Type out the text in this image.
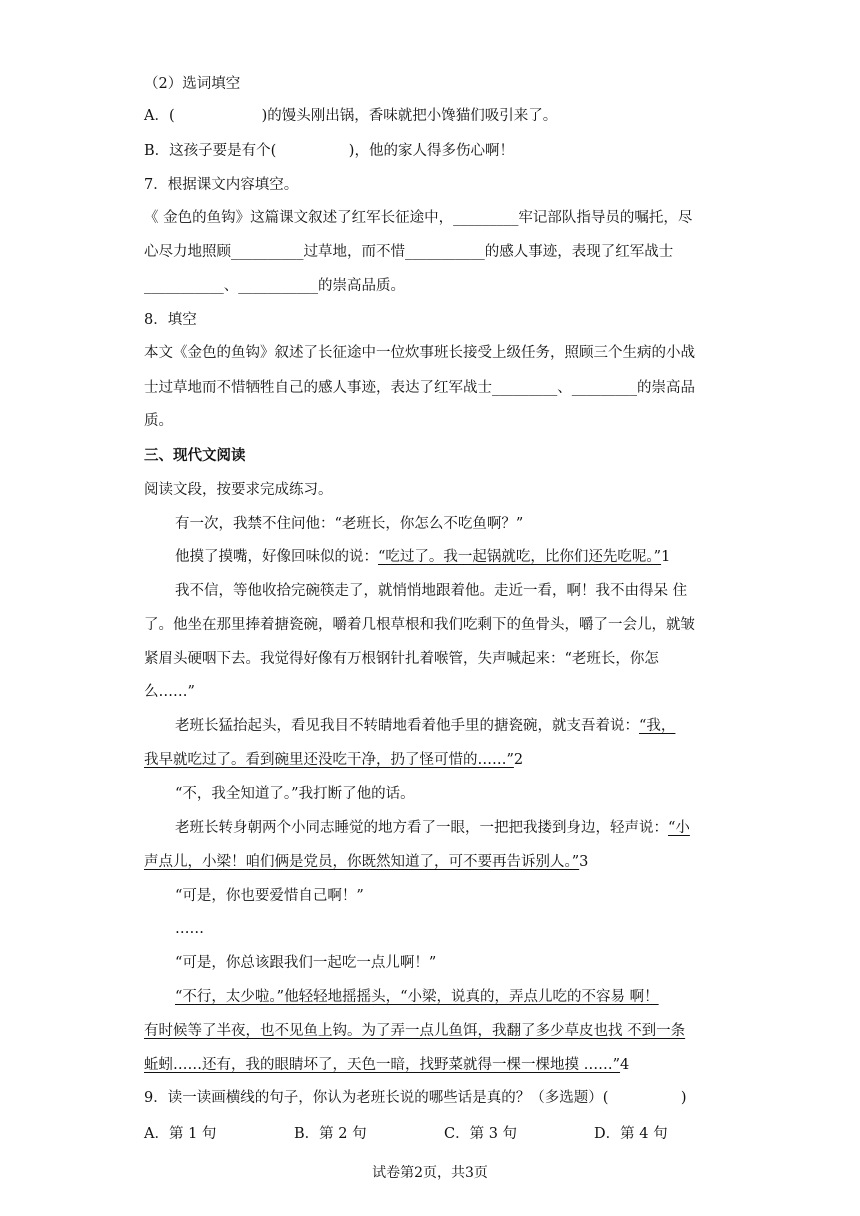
（2）选词填空
A．(　　　　　　)的馒头刚出锅，香味就把小馋猫们吸引来了。
B．这孩子要是有个(　　　　　)，他的家人得多伤心啊！
7．根据课文内容填空。
《 金色的鱼钩》这篇课文叙述了红军长征途中，_________牢记部队指导员的嘱托，尽
心尽力地照顾__________过草地，而不惜___________的感人事迹，表现了红军战士
___________、___________的崇高品质。
8．填空
本文《金色的鱼钩》叙述了长征途中一位炊事班长接受上级任务，照顾三个生病的小战
士过草地而不惜牺牲自己的感人事迹，表达了红军战士_________、_________的崇高品
质。
三、现代文阅读
阅读文段，按要求完成练习。
有一次，我禁不住问他：“老班长，你怎么不吃鱼啊？”
他摸了摸嘴，好像回味似的说：“吃过了。我一起锅就吃，比你们还先吃呢。”1
我不信，等他收拾完碗筷走了，就悄悄地跟着他。走近一看，啊！我不由得呆 住
了。他坐在那里捧着搪瓷碗，嚼着几根草根和我们吃剩下的鱼骨头，嚼了一会儿，就皱
紧眉头硬咽下去。我觉得好像有万根钢针扎着喉管，失声喊起来：“老班长，你怎
么……”
老班长猛抬起头，看见我目不转睛地看着他手里的搪瓷碗，就支吾着说：“我，
我早就吃过了。看到碗里还没吃干净，扔了怪可惜的……”2
“不，我全知道了。”我打断了他的话。
老班长转身朝两个小同志睡觉的地方看了一眼，一把把我搂到身边，轻声说：“小
声点儿，小梁！咱们俩是党员，你既然知道了，可不要再告诉别人。”3
“可是，你也要爱惜自己啊！”
……
“可是，你总该跟我们一起吃一点儿啊！”
“不行，太少啦。”他轻轻地摇摇头，“小梁，说真的，弄点儿吃的不容易 啊！
有时候等了半夜，也不见鱼上钩。为了弄一点儿鱼饵，我翻了多少草皮也找 不到一条
蚯蚓……还有，我的眼睛坏了，天色一暗，找野菜就得一棵一棵地摸 ……”4
9．读一读画横线的句子，你认为老班长说的哪些话是真的？（多选题）(　　　　　)
A．第 1 句	B．第 2 句	C．第 3 句	D．第 4 句
试卷第2页，共3页
